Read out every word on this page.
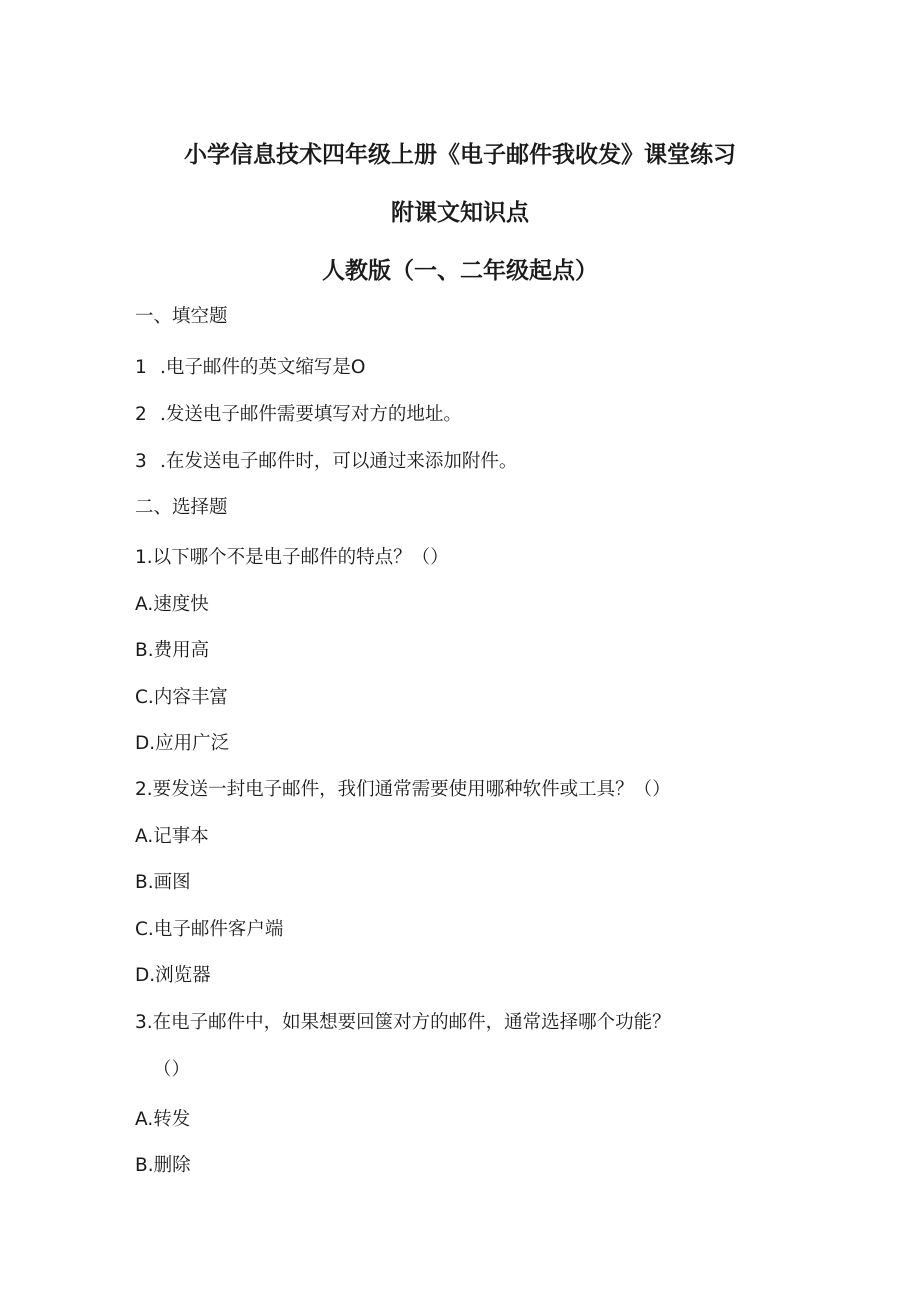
小学信息技术四年级上册《电子邮件我收发》课堂练习
附课文知识点
人教版（一、二年级起点）
一、填空题
1 .电子邮件的英文缩写是O
2 .发送电子邮件需要填写对方的地址。
3 .在发送电子邮件时，可以通过来添加附件。
二、选择题
1.以下哪个不是电子邮件的特点？（）
A.速度快
B.费用高
C.内容丰富
D.应用广泛
2.要发送一封电子邮件，我们通常需要使用哪种软件或工具？（）
A.记事本
B.画图
C.电子邮件客户端
D.浏览器
3.在电子邮件中，如果想要回箧对方的邮件，通常选择哪个功能？
（）
A.转发
B.删除
